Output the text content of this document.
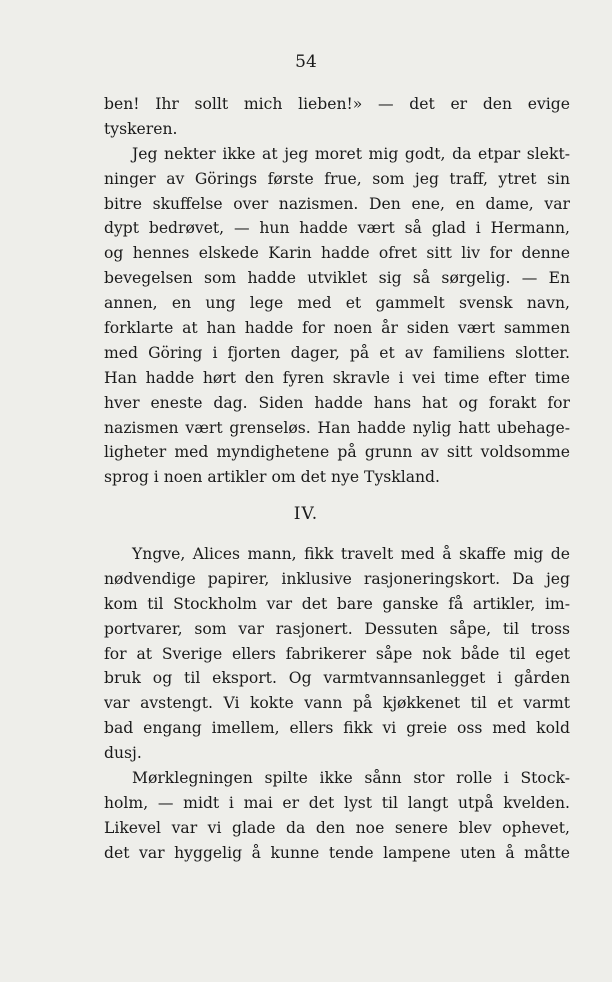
54
ben! Ihr sollt mich lieben!» — det er den evige
tyskeren.
Jeg nekter ikke at jeg moret mig godt, da etpar slekt-
ninger av Görings første frue, som jeg traff, ytret sin
bitre skuffelse over nazismen. Den ene, en dame, var
dypt bedrøvet, — hun hadde vært så glad i Hermann,
og hennes elskede Karin hadde ofret sitt liv for denne
bevegelsen som hadde utviklet sig så sørgelig. — En
annen, en ung lege med et gammelt svensk navn,
forklarte at han hadde for noen år siden vært sammen
med Göring i fjorten dager, på et av familiens slotter.
Han hadde hørt den fyren skravle i vei time efter time
hver eneste dag. Siden hadde hans hat og forakt for
nazismen vært grenseløs. Han hadde nylig hatt ubehage-
ligheter med myndighetene på grunn av sitt voldsomme
sprog i noen artikler om det nye Tyskland.
IV.
Yngve, Alices mann, fikk travelt med å skaffe mig de
nødvendige papirer, inklusive rasjoneringskort. Da jeg
kom til Stockholm var det bare ganske få artikler, im-
portvarer, som var rasjonert. Dessuten såpe, til tross
for at Sverige ellers fabrikerer såpe nok både til eget
bruk og til eksport. Og varmtvannsanlegget i gården
var avstengt. Vi kokte vann på kjøkkenet til et varmt
bad engang imellem, ellers fikk vi greie oss med kold
dusj.
Mørklegningen spilte ikke sånn stor rolle i Stock-
holm, — midt i mai er det lyst til langt utpå kvelden.
Likevel var vi glade da den noe senere blev ophevet,
det var hyggelig å kunne tende lampene uten å måtte
